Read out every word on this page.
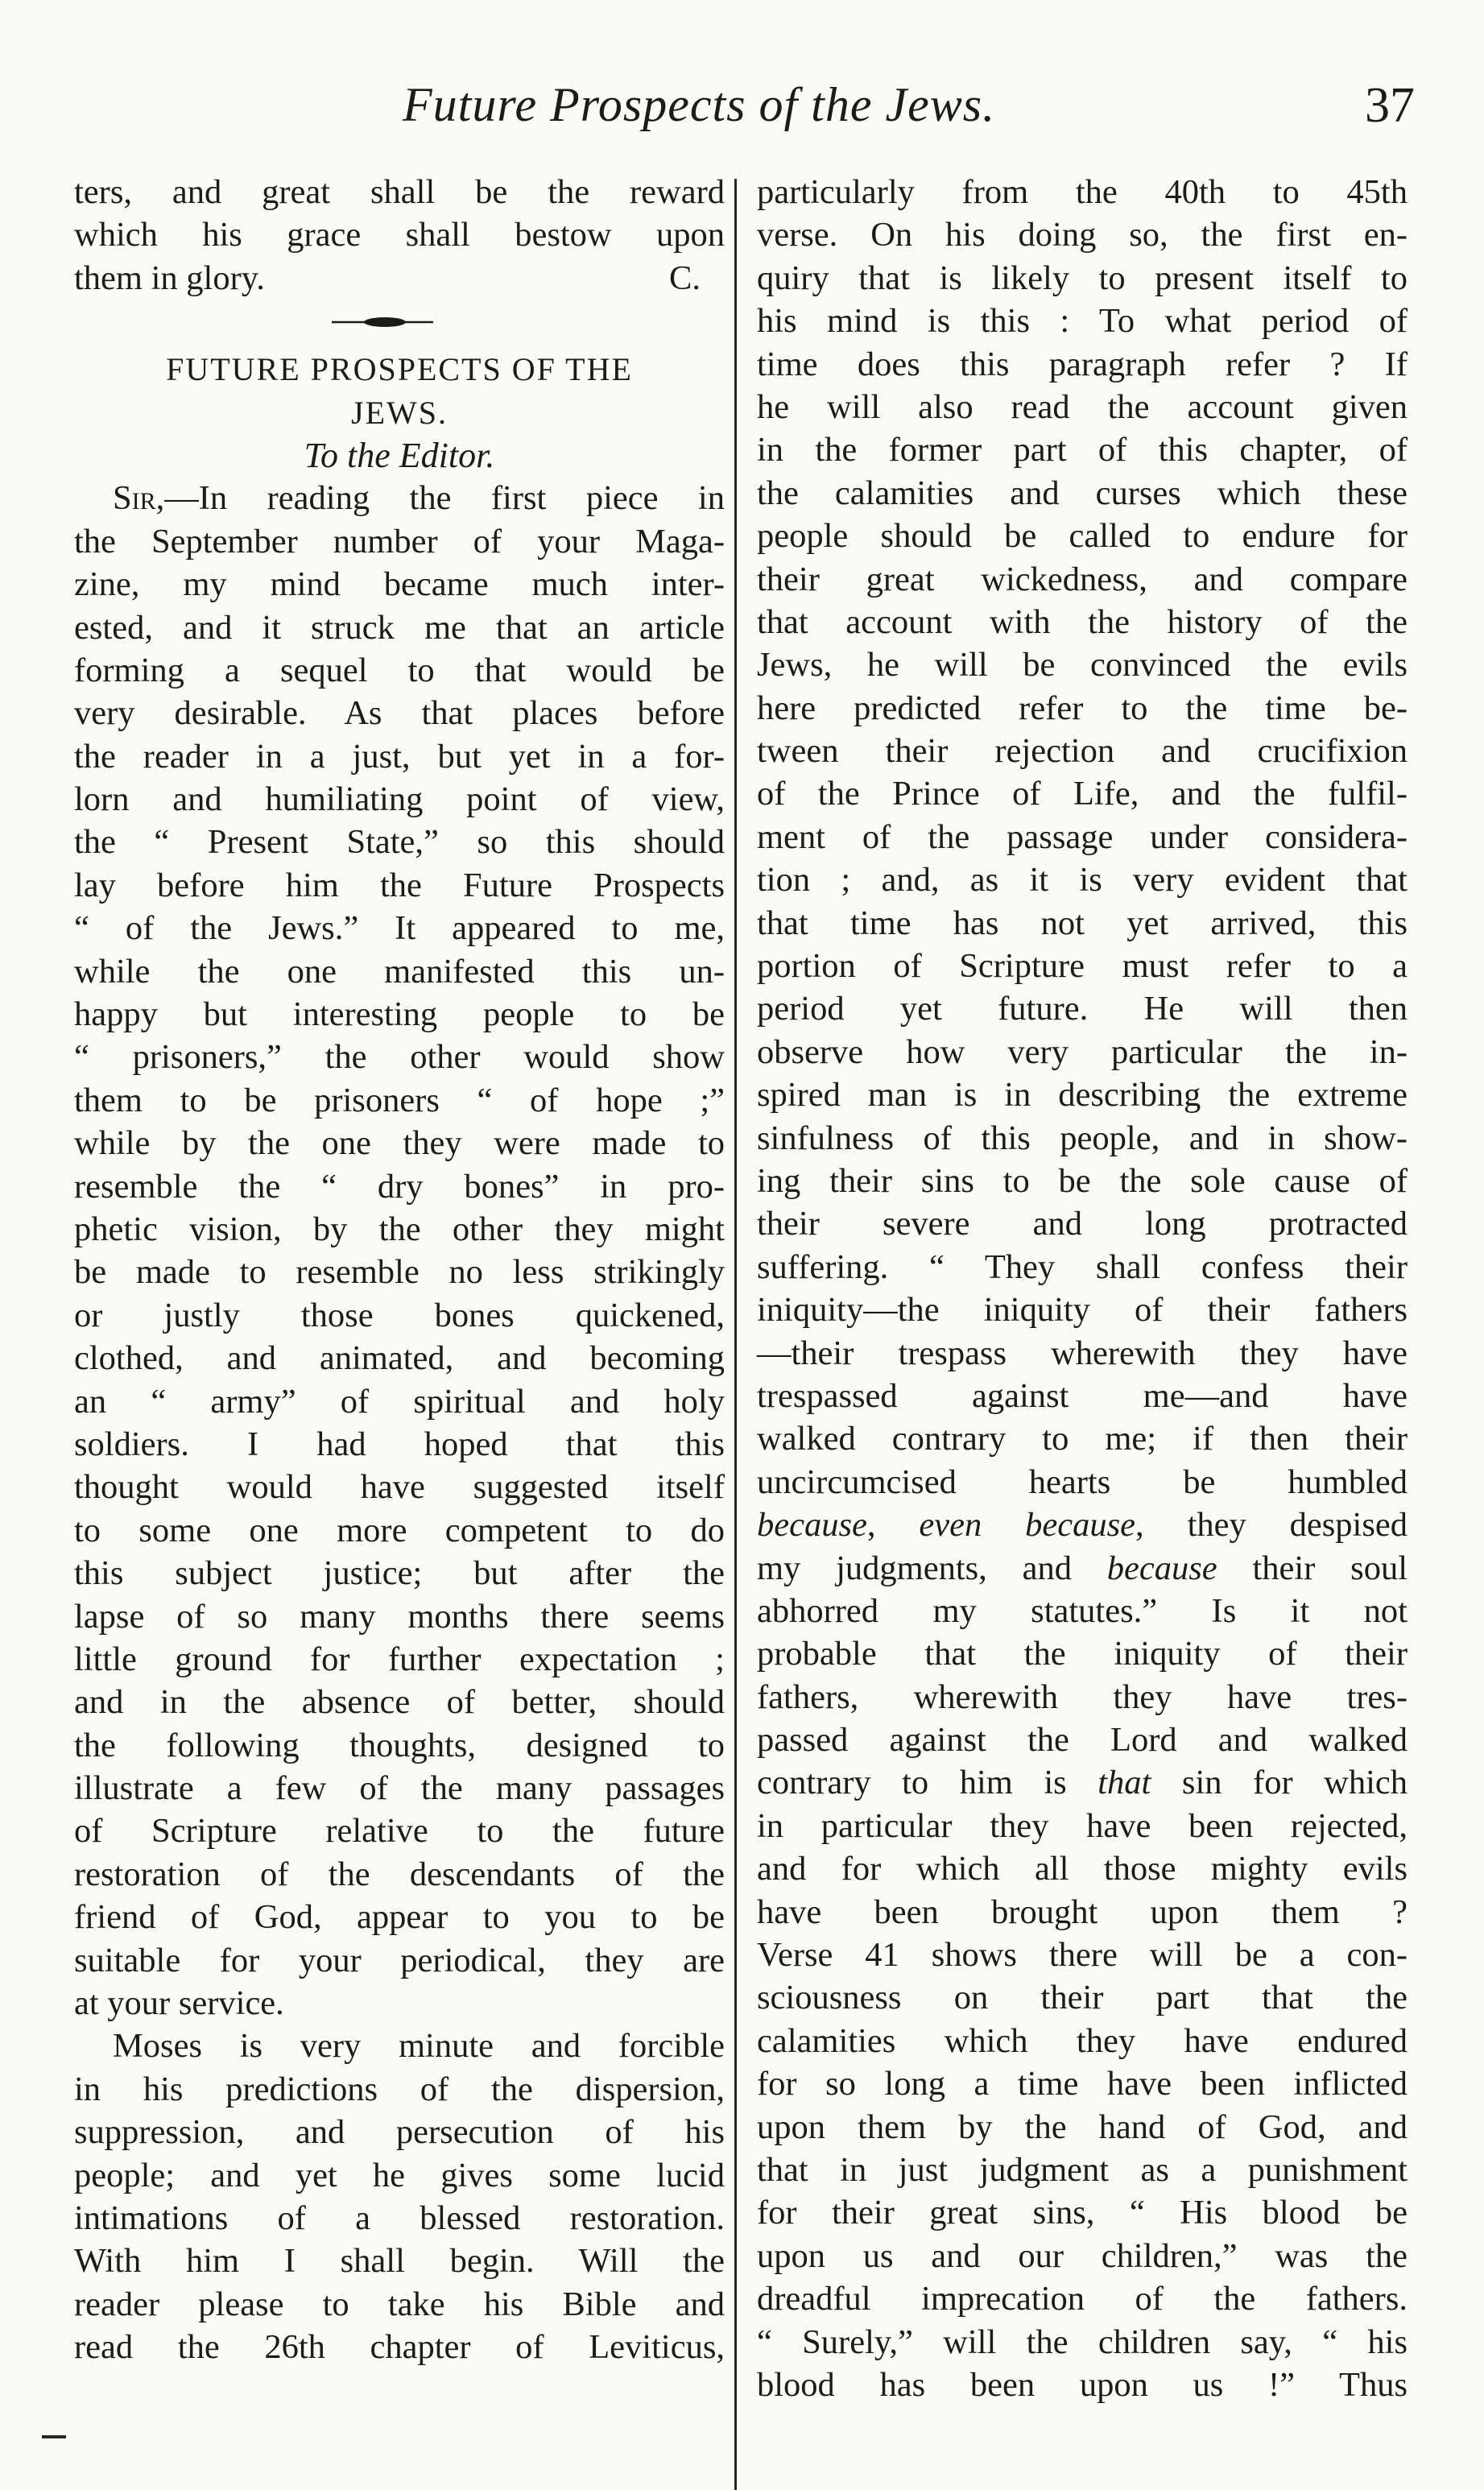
Future Prospects of the Jews.	37
ters, and great shall be the reward
which his grace shall bestow upon
them in glory.	C.
FUTURE PROSPECTS OF THE
JEWS.
To the Editor.
Sir,—In reading the first piece in
the September number of your Maga-
zine, my mind became much inter-
ested, and it struck me that an article
forming a sequel to that would be
very desirable. As that places before
the reader in a just, but yet in a for-
lorn and humiliating point of view,
the “ Present State,” so this should
lay before him the Future Prospects
“ of the Jews.” It appeared to me,
while the one manifested this un-
happy but interesting people to be
“ prisoners,” the other would show
them to be prisoners “ of hope ;”
while by the one they were made to
resemble the “ dry bones” in pro-
phetic vision, by the other they might
be made to resemble no less strikingly
or justly those bones quickened,
clothed, and animated, and becoming
an “ army” of spiritual and holy
soldiers. I had hoped that this
thought would have suggested itself
to some one more competent to do
this subject justice; but after the
lapse of so many months there seems
little ground for further expectation ;
and in the absence of better, should
the following thoughts, designed to
illustrate a few of the many passages
of Scripture relative to the future
restoration of the descendants of the
friend of God, appear to you to be
suitable for your periodical, they are
at your service.
Moses is very minute and forcible
in his predictions of the dispersion,
suppression, and persecution of his
people; and yet he gives some lucid
intimations of a blessed restoration.
With him I shall begin. Will the
reader please to take his Bible and
read the 26th chapter of Leviticus,
particularly from the 40th to 45th
verse. On his doing so, the first en-
quiry that is likely to present itself to
his mind is this : To what period of
time does this paragraph refer ? If
he will also read the account given
in the former part of this chapter, of
the calamities and curses which these
people should be called to endure for
their great wickedness, and compare
that account with the history of the
Jews, he will be convinced the evils
here predicted refer to the time be-
tween their rejection and crucifixion
of the Prince of Life, and the fulfil-
ment of the passage under considera-
tion ; and, as it is very evident that
that time has not yet arrived, this
portion of Scripture must refer to a
period yet future. He will then
observe how very particular the in-
spired man is in describing the extreme
sinfulness of this people, and in show-
ing their sins to be the sole cause of
their severe and long protracted
suffering. “ They shall confess their
iniquity—the iniquity of their fathers
—their trespass wherewith they have
trespassed against me—and have
walked contrary to me; if then their
uncircumcised hearts be humbled
because, even because, they despised
my judgments, and because their soul
abhorred my statutes.” Is it not
probable that the iniquity of their
fathers, wherewith they have tres-
passed against the Lord and walked
contrary to him is that sin for which
in particular they have been rejected,
and for which all those mighty evils
have been brought upon them ?
Verse 41 shows there will be a con-
sciousness on their part that the
calamities which they have endured
for so long a time have been inflicted
upon them by the hand of God, and
that in just judgment as a punishment
for their great sins, “ His blood be
upon us and our children,” was the
dreadful imprecation of the fathers.
“ Surely,” will the children say, “ his
blood has been upon us !” Thus
